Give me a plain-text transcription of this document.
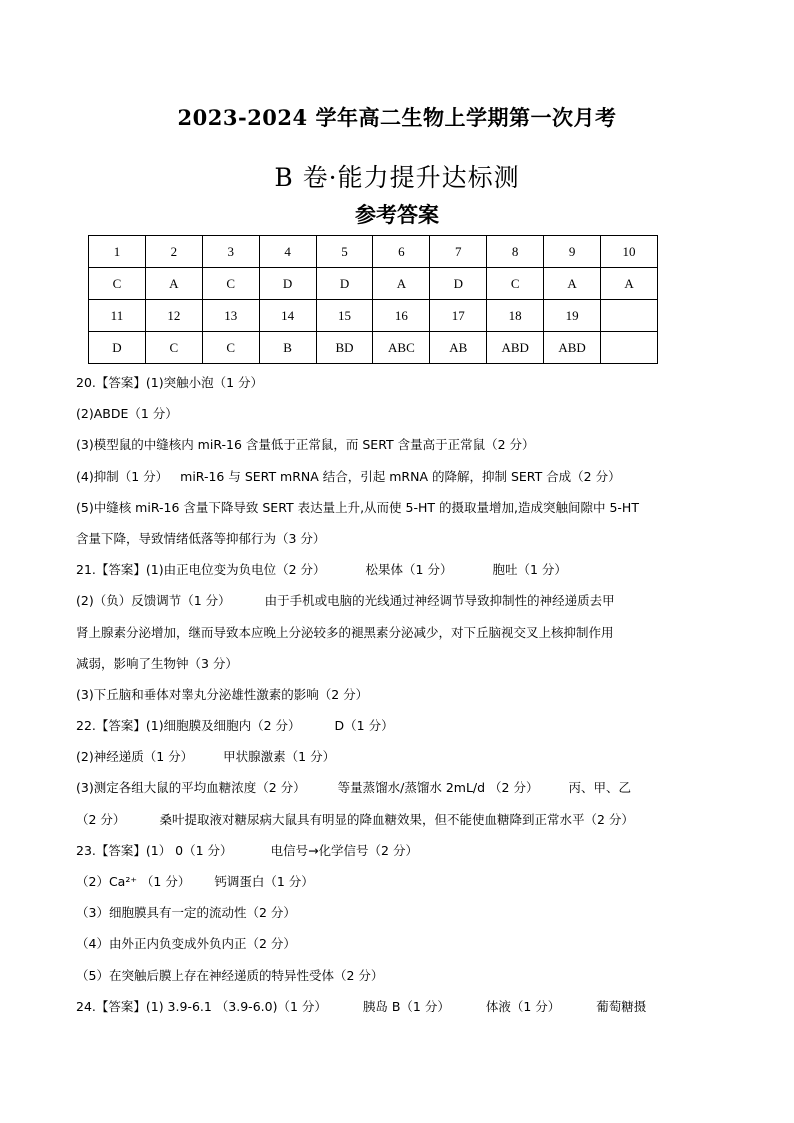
2023-2024 学年高二生物上学期第一次月考
B 卷·能力提升达标测
参考答案
1	2	3	4	5	6	7	8	9	10
C	A	C	D	D	A	D	C	A	A
11	12	13	14	15	16	17	18	19	
D	C	C	B	BD	ABC	AB	ABD	ABD	
20.【答案】(1)突触小泡（1 分）
(2)ABDE（1 分）
(3)模型鼠的中缝核内 miR-16 含量低于正常鼠，而 SERT 含量高于正常鼠（2 分）
(4)抑制（1 分） miR-16 与 SERT mRNA 结合，引起 mRNA 的降解，抑制 SERT 合成（2 分）
(5)中缝核 miR-16 含量下降导致 SERT 表达量上升,从而使 5-HT 的摄取量增加,造成突触间隙中 5-HT
含量下降，导致情绪低落等抑郁行为（3 分）
21.【答案】(1)由正电位变为负电位（2 分）	松果体（1 分）	胞吐（1 分）
(2)（负）反馈调节（1 分）	由于手机或电脑的光线通过神经调节导致抑制性的神经递质去甲
肾上腺素分泌增加，继而导致本应晚上分泌较多的褪黑素分泌减少，对下丘脑视交叉上核抑制作用
减弱，影响了生物钟（3 分）
(3)下丘脑和垂体对睾丸分泌雄性激素的影响（2 分）
22.【答案】(1)细胞膜及细胞内（2 分）	D（1 分）
(2)神经递质（1 分） 甲状腺激素（1 分）
(3)测定各组大鼠的平均血糖浓度（2 分）	等量蒸馏水/蒸馏水 2mL/d （2 分） 丙、甲、乙
（2 分）	桑叶提取液对糖尿病大鼠具有明显的降血糖效果，但不能使血糖降到正常水平（2 分）
23.【答案】(1） 0（1 分）	电信号→化学信号（2 分）
（2）Ca²⁺ （1 分） 钙调蛋白（1 分）
（3）细胞膜具有一定的流动性（2 分）
（4）由外正内负变成外负内正（2 分）
（5）在突触后膜上存在神经递质的特异性受体（2 分）
24.【答案】(1) 3.9-6.1 （3.9-6.0)（1 分）	胰岛 B（1 分）	体液（1 分）	葡萄糖摄
